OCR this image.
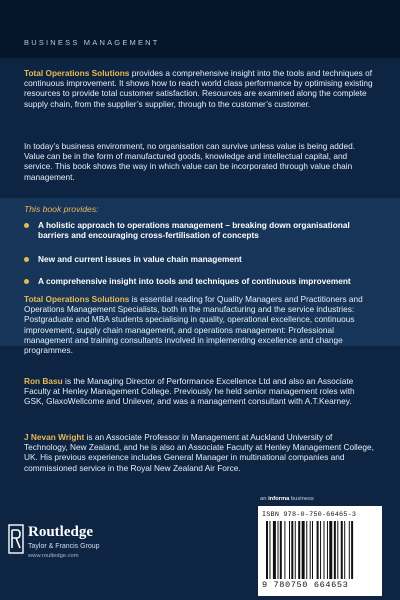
BUSINESS MANAGEMENT
Total Operations Solutions provides a comprehensive insight into the tools and techniques of continuous improvement. It shows how to reach world class performance by optimising existing resources to provide total customer satisfaction. Resources are examined along the complete supply chain, from the supplier’s supplier, through to the customer’s customer.
In today’s business environment, no organisation can survive unless value is being added. Value can be in the form of manufactured goods, knowledge and intellectual capital, and service. This book shows the way in which value can be incorporated through value chain management.
This book provides:
A holistic approach to operations management – breaking down organisational barriers and encouraging cross-fertilisation of concepts
New and current issues in value chain management
A comprehensive insight into tools and techniques of continuous improvement
Total Operations Solutions is essential reading for Quality Managers and Practitioners and Operations Management Specialists, both in the manufacturing and the service industries: Postgraduate and MBA students specialising in quality, operational excellence, continuous improvement, supply chain management, and operations management: Professional management and training consultants involved in implementing excellence and change programmes.
Ron Basu is the Managing Director of Performance Excellence Ltd and also an Associate Faculty at Henley Management College. Previously he held senior management roles with GSK, GlaxoWellcome and Unilever, and was a management consultant with A.T.Kearney.
J Nevan Wright is an Associate Professor in Management at Auckland University of Technology, New Zealand, and he is also an Associate Faculty at Henley Management College, UK. His previous experience includes General Manager in multinational companies and commissioned service in the Royal New Zealand Air Force.
Routledge
Taylor & Francis Group
www.routledge.com
an informa business
ISBN 978-0-750-66465-3
9 780750 664653
